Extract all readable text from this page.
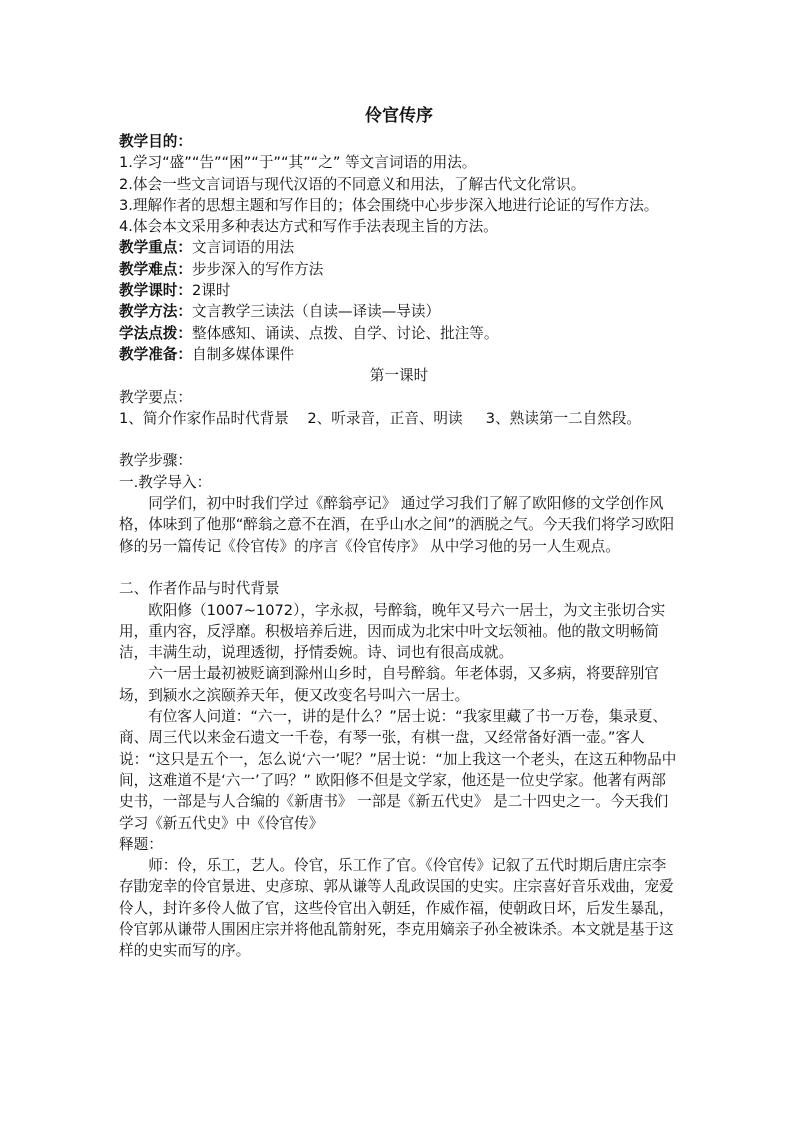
伶官传序

教学目的：

1.学习“盛”“告”“困”“于”“其”“之” 等文言词语的用法。

2.体会一些文言词语与现代汉语的不同意义和用法，了解古代文化常识。

3.理解作者的思想主题和写作目的；体会围绕中心步步深入地进行论证的写作方法。

4.体会本文采用多种表达方式和写作手法表现主旨的方法。

教学重点：文言词语的用法

教学难点：步步深入的写作方法

教学课时：2课时

教学方法：文言教学三读法（自读—译读—导读）

学法点拨：整体感知、诵读、点拨、自学、讨论、批注等。

教学准备：自制多媒体课件

第一课时

教学要点：

1、简介作家作品时代背景    2、听录音，正音、明读     3、熟读第一二自然段。

教学步骤：

一.教学导入：

同学们，初中时我们学过《醉翁亭记》 通过学习我们了解了欧阳修的文学创作风格，体味到了他那“醉翁之意不在酒，在乎山水之间”的洒脱之气。今天我们将学习欧阳修的另一篇传记《伶官传》的序言《伶官传序》 从中学习他的另一人生观点。

二、作者作品与时代背景

欧阳修（1007~1072），字永叔，号醉翁，晚年又号六一居士，为文主张切合实用，重内容，反浮靡。积极培养后进，因而成为北宋中叶文坛领袖。他的散文明畅简洁，丰满生动，说理透彻，抒情委婉。诗、词也有很高成就。

六一居士最初被贬谪到滁州山乡时，自号醉翁。年老体弱，又多病，将要辞别官场，到颍水之滨颐养天年，便又改变名号叫六一居士。

有位客人问道：“六一，讲的是什么？”居士说：“我家里藏了书一万卷，集录夏、商、周三代以来金石遗文一千卷，有琴一张，有棋一盘，又经常备好酒一壶。”客人说：“这只是五个一，怎么说‘六一’呢？”居士说：“加上我这一个老头，在这五种物品中间，这难道不是‘六一’了吗？” 欧阳修不但是文学家，他还是一位史学家。他著有两部史书，一部是与人合编的《新唐书》 一部是《新五代史》 是二十四史之一。今天我们学习《新五代史》中《伶官传》

释题：

师：伶，乐工，艺人。伶官，乐工作了官。《伶官传》记叙了五代时期后唐庄宗李存勖宠幸的伶官景进、史彦琼、郭从谦等人乱政误国的史实。庄宗喜好音乐戏曲，宠爱伶人，封许多伶人做了官，这些伶官出入朝廷，作威作福，使朝政日坏，后发生暴乱，伶官郭从谦带人围困庄宗并将他乱箭射死，李克用嫡亲子孙全被诛杀。本文就是基于这样的史实而写的序。
